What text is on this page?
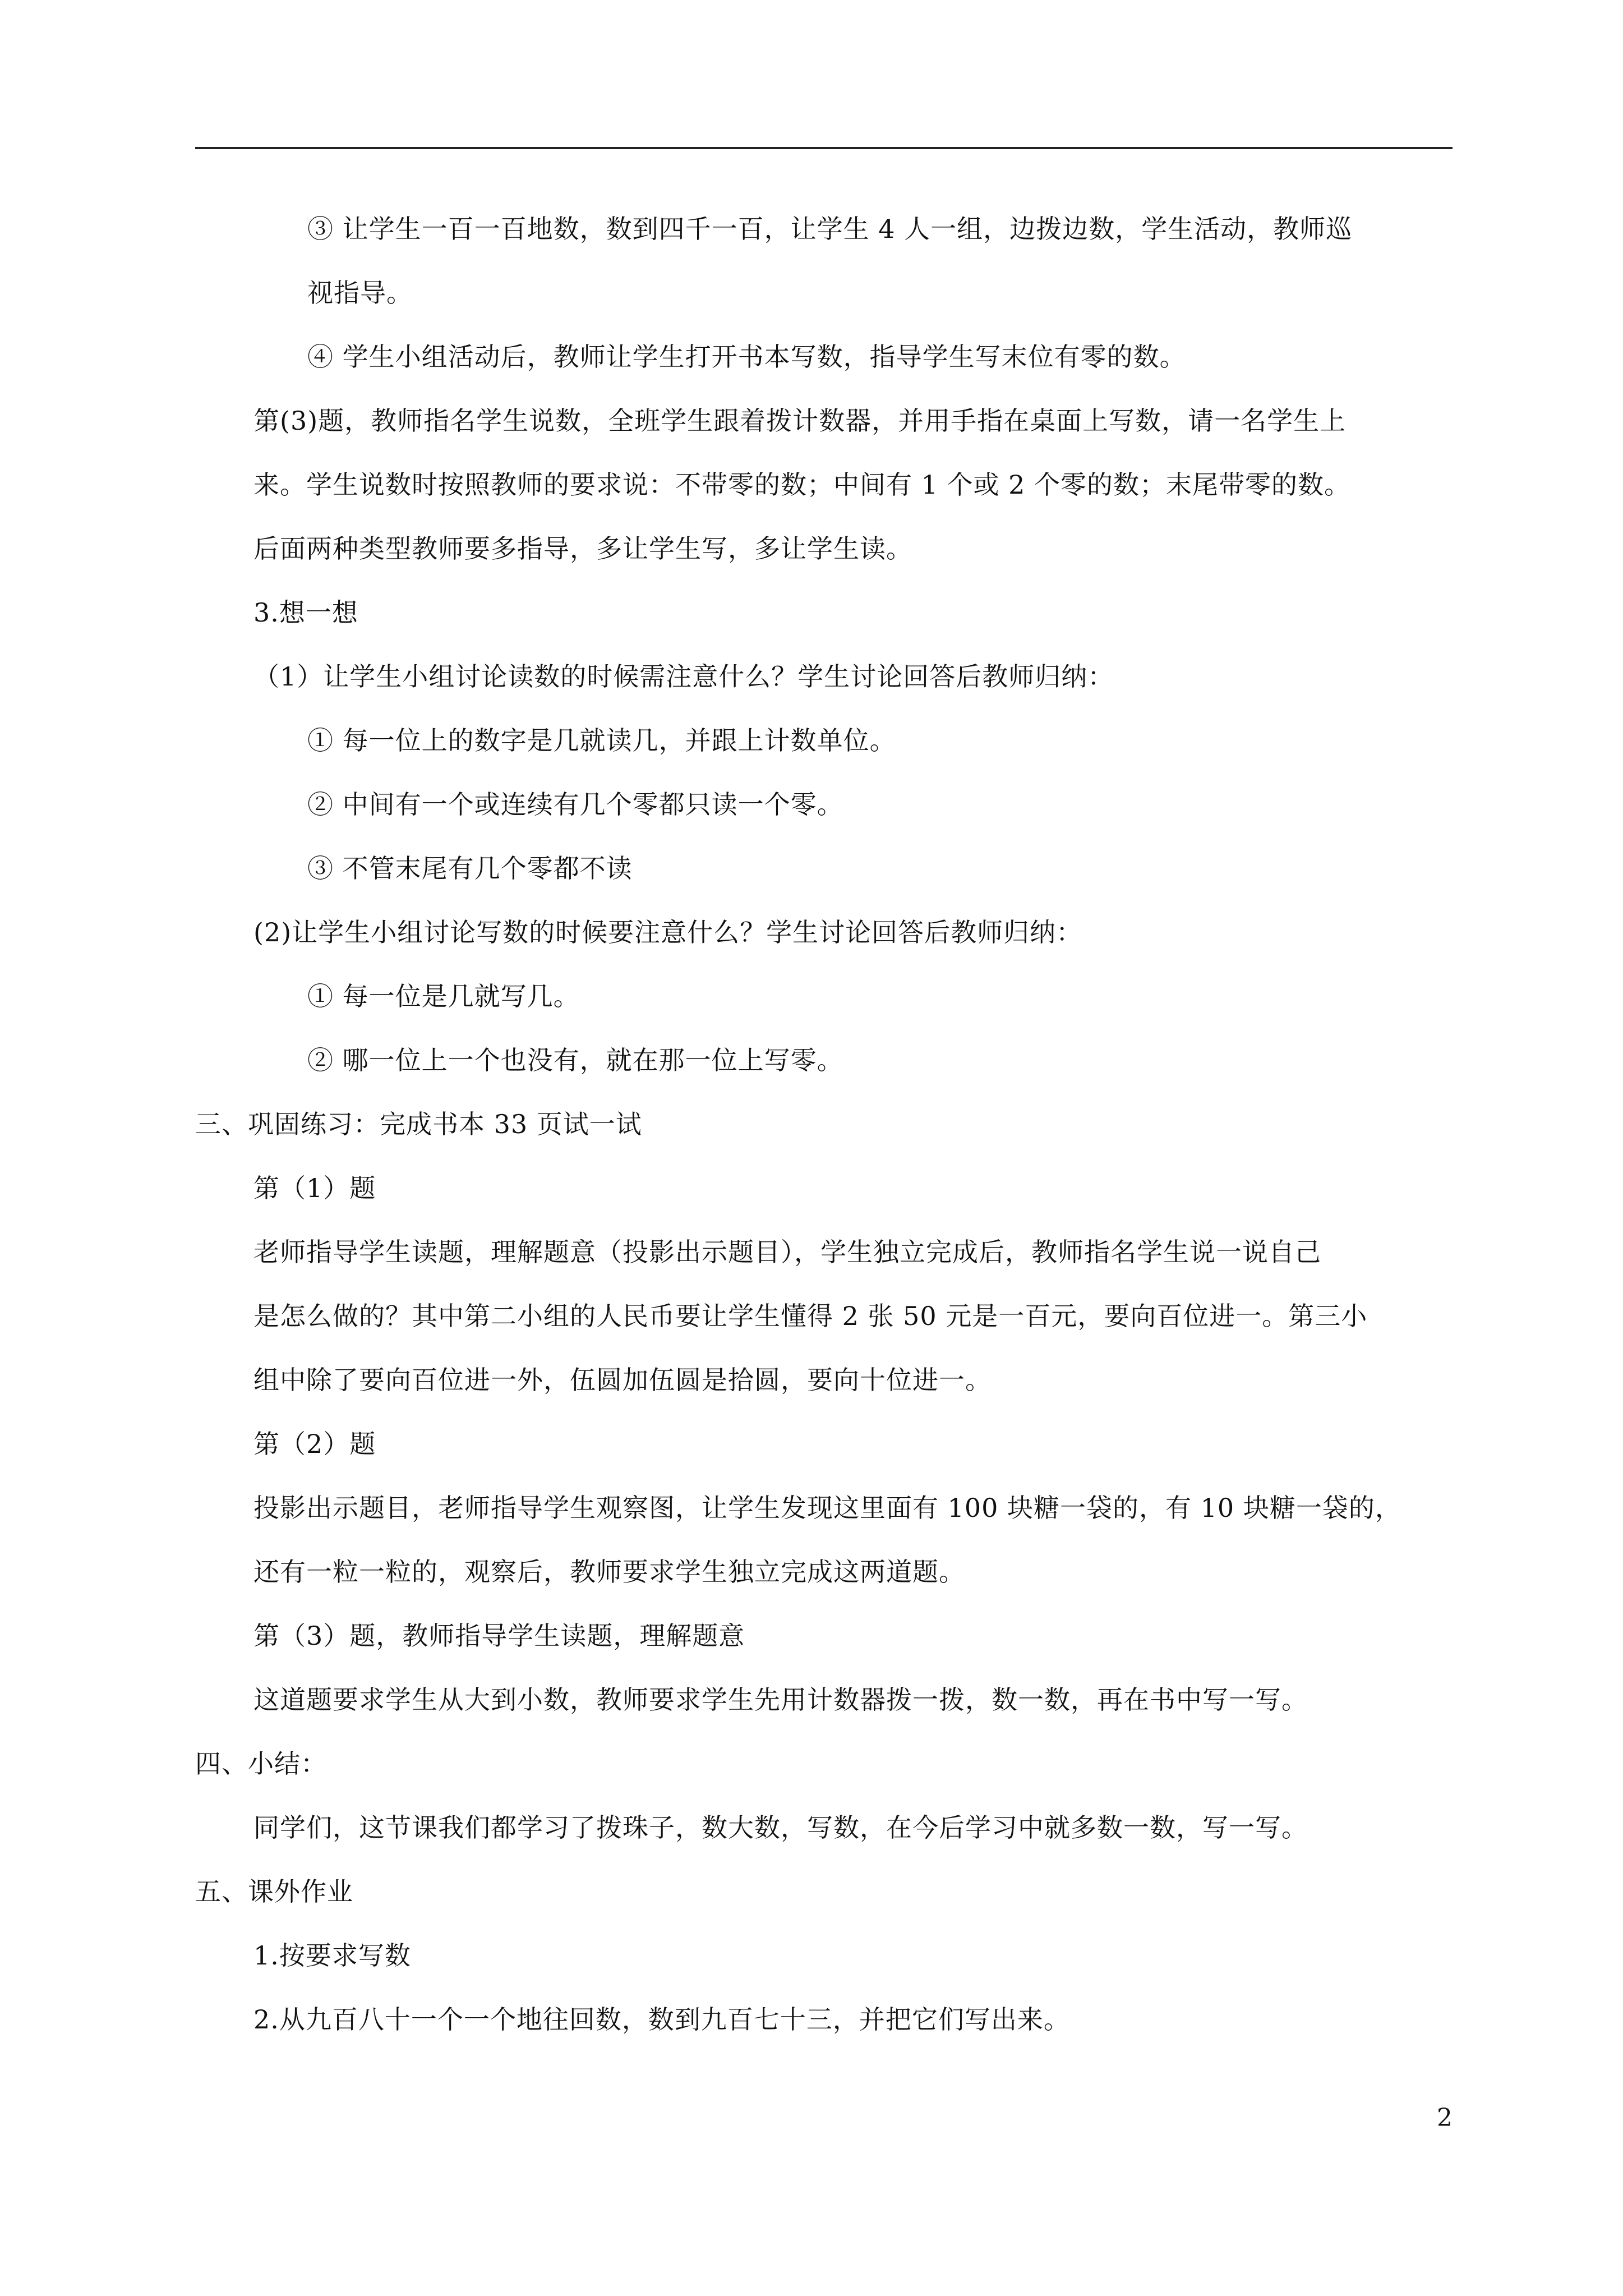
③ 让学生一百一百地数，数到四千一百，让学生 4 人一组，边拨边数，学生活动，教师巡
视指导。
④ 学生小组活动后，教师让学生打开书本写数，指导学生写末位有零的数。
第(3)题，教师指名学生说数，全班学生跟着拨计数器，并用手指在桌面上写数，请一名学生上
来。学生说数时按照教师的要求说：不带零的数；中间有 1 个或 2 个零的数；末尾带零的数。
后面两种类型教师要多指导，多让学生写，多让学生读。
3.想一想
（1）让学生小组讨论读数的时候需注意什么？学生讨论回答后教师归纳：
① 每一位上的数字是几就读几，并跟上计数单位。
② 中间有一个或连续有几个零都只读一个零。
③ 不管末尾有几个零都不读
(2)让学生小组讨论写数的时候要注意什么？学生讨论回答后教师归纳：
① 每一位是几就写几。
② 哪一位上一个也没有，就在那一位上写零。
三、巩固练习：完成书本 33 页试一试
第（1）题
老师指导学生读题，理解题意（投影出示题目），学生独立完成后，教师指名学生说一说自己
是怎么做的？其中第二小组的人民币要让学生懂得 2 张 50 元是一百元，要向百位进一。第三小
组中除了要向百位进一外，伍圆加伍圆是拾圆，要向十位进一。
第（2）题
投影出示题目，老师指导学生观察图，让学生发现这里面有 100 块糖一袋的，有 10 块糖一袋的，
还有一粒一粒的，观察后，教师要求学生独立完成这两道题。
第（3）题，教师指导学生读题，理解题意
这道题要求学生从大到小数，教师要求学生先用计数器拨一拨，数一数，再在书中写一写。
四、小结：
同学们，这节课我们都学习了拨珠子，数大数，写数，在今后学习中就多数一数，写一写。
五、课外作业
1.按要求写数
2.从九百八十一个一个地往回数，数到九百七十三，并把它们写出来。
2
